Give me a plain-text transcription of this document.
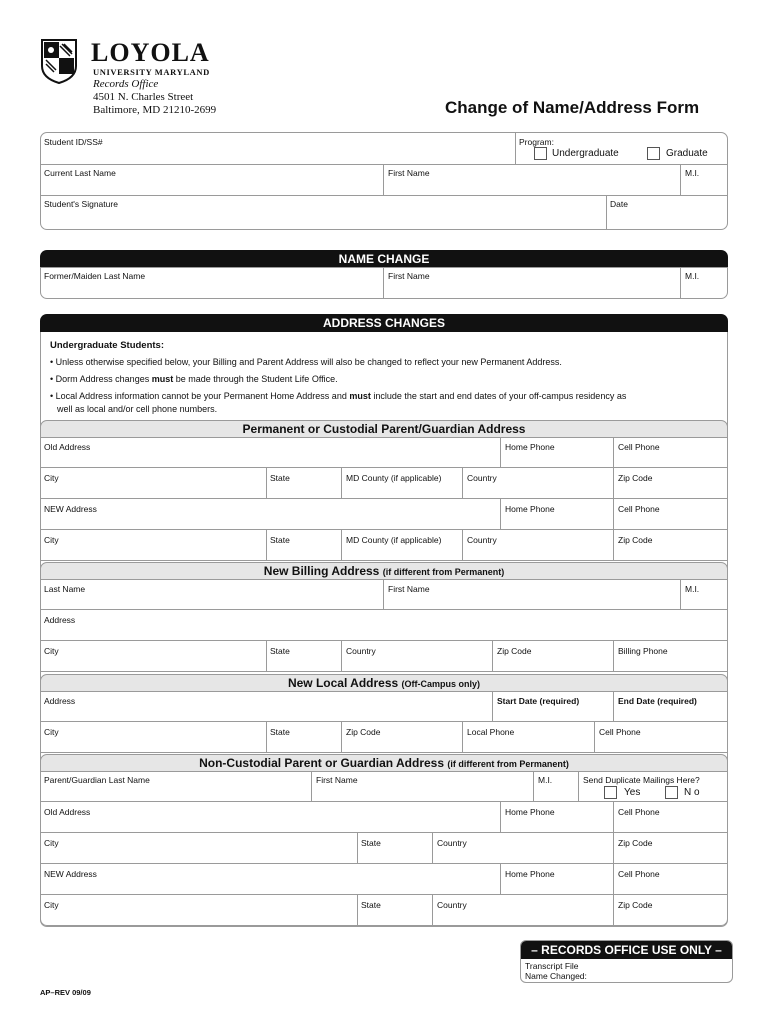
LOYOLA
UNIVERSITY MARYLAND
Records Office
4501 N. Charles Street
Baltimore, MD 21210-2699	Change of Name/Address Form
Student ID/SS#	Program:
Undergraduate	Graduate
Current Last Name	First Name	M.I.
Student's Signature	Date
NAME CHANGE
Former/Maiden Last Name	First Name	M.I.
ADDRESS CHANGES
Undergraduate Students:
• Unless otherwise specified below, your Billing and Parent Address will also be changed to reflect your new Permanent Address.
• Dorm Address changes must be made through the Student Life Office.
• Local Address information cannot be your Permanent Home Address and must include the start and end dates of your off-campus residency as
well as local and/or cell phone numbers.
Permanent or Custodial Parent/Guardian Address
Old Address	Home Phone	Cell Phone
City	State	MD County (if applicable)	Country	Zip Code
NEW Address	Home Phone	Cell Phone
City	State	MD County (if applicable)	Country	Zip Code
New Billing Address (if different from Permanent)
Last Name	First Name	M.I.
Address
City	State	Country	Zip Code	Billing Phone
New Local Address (Off-Campus only)
Address	Start Date (required)	End Date (required)
City	State	Zip Code	Local Phone	Cell Phone
Non-Custodial Parent or Guardian Address (if different from Permanent)
Parent/Guardian Last Name	First Name	M.I.	Send Duplicate Mailings Here?
Yes	N o
Old Address	Home Phone	Cell Phone
City	State	Country	Zip Code
NEW Address	Home Phone	Cell Phone
City	State	Country	Zip Code
– RECORDS OFFICE USE ONLY –
Transcript File
Name Changed:
AP–REV 09/09
